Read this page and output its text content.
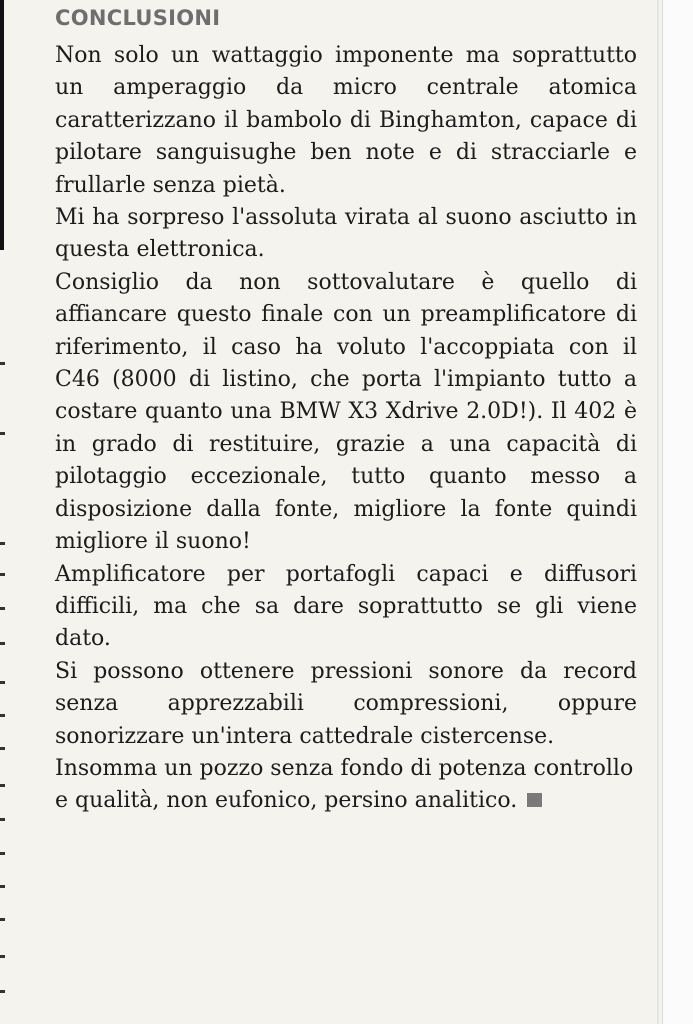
CONCLUSIONI

Non solo un wattaggio imponente ma soprattutto un amperaggio da micro centrale atomica caratterizzano il bambolo di Binghamton, capace di pilotare sanguisughe ben note e di stracciarle e frullarle senza pietà.

Mi ha sorpreso l'assoluta virata al suono asciutto in questa elettronica.

Consiglio da non sottovalutare è quello di affiancare questo finale con un preamplificatore di riferimento, il caso ha voluto l'accoppiata con il C46 (8000 di listino, che porta l'impianto tutto a costare quanto una BMW X3 Xdrive 2.0D!). Il 402 è in grado di restituire, grazie a una capacità di pilotaggio eccezionale, tutto quanto messo a disposizione dalla fonte, migliore la fonte quindi migliore il suono!

Amplificatore per portafogli capaci e diffusori difficili, ma che sa dare soprattutto se gli viene dato.

Si possono ottenere pressioni sonore da record senza apprezzabili compressioni, oppure sonorizzare un'intera cattedrale cistercense.

Insomma un pozzo senza fondo di potenza controllo e qualità, non eufonico, persino analitico.
